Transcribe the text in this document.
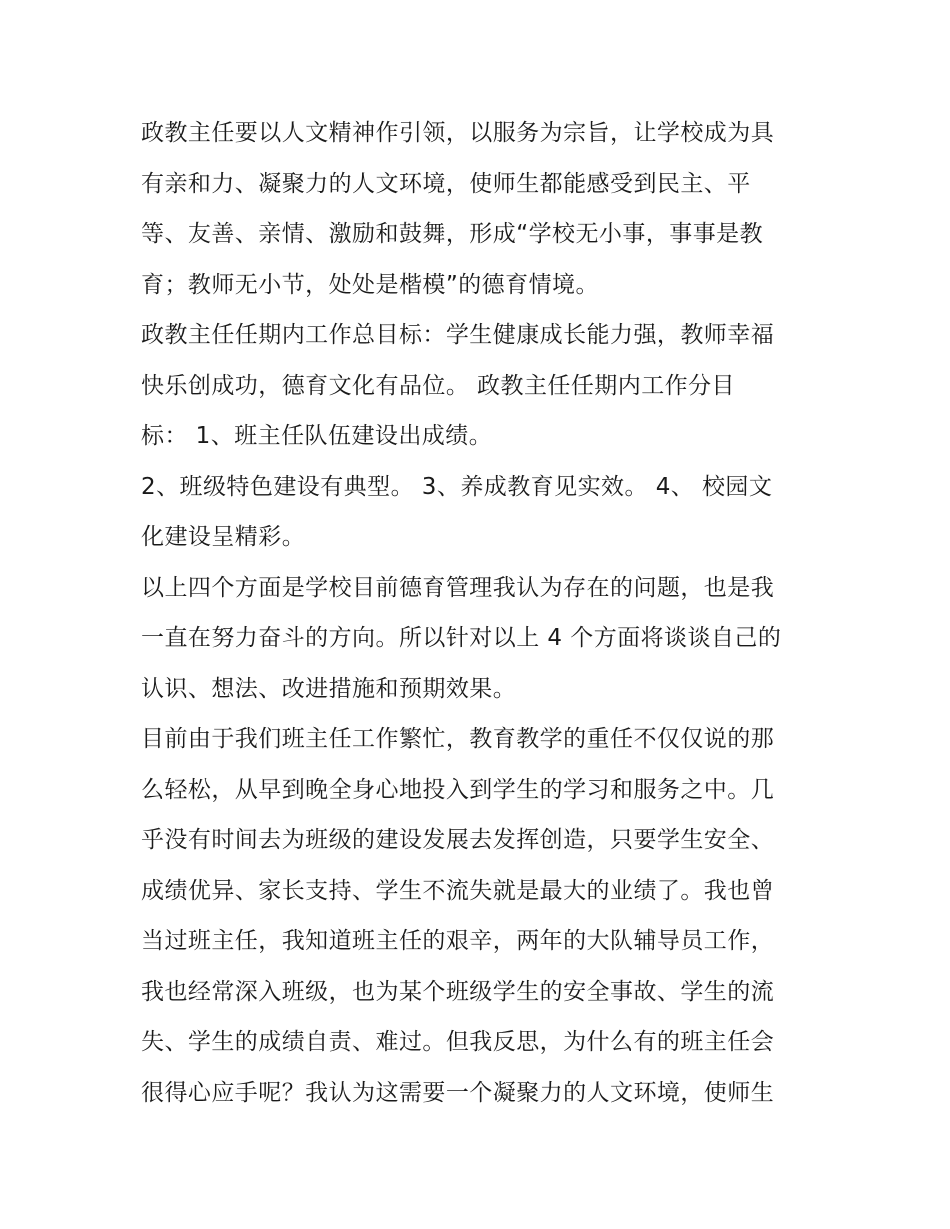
政教主任要以人文精神作引领，以服务为宗旨，让学校成为具
有亲和力、凝聚力的人文环境，使师生都能感受到民主、平
等、友善、亲情、激励和鼓舞，形成“学校无小事，事事是教
育；教师无小节，处处是楷模”的德育情境。
政教主任任期内工作总目标：学生健康成长能力强，教师幸福
快乐创成功，德育文化有品位。 政教主任任期内工作分目
标： 1、班主任队伍建设出成绩。
2、班级特色建设有典型。 3、养成教育见实效。 4、 校园文
化建设呈精彩。
以上四个方面是学校目前德育管理我认为存在的问题，也是我
一直在努力奋斗的方向。所以针对以上 4 个方面将谈谈自己的
认识、想法、改进措施和预期效果。
目前由于我们班主任工作繁忙，教育教学的重任不仅仅说的那
么轻松，从早到晚全身心地投入到学生的学习和服务之中。几
乎没有时间去为班级的建设发展去发挥创造，只要学生安全、
成绩优异、家长支持、学生不流失就是最大的业绩了。我也曾
当过班主任，我知道班主任的艰辛，两年的大队辅导员工作，
我也经常深入班级，也为某个班级学生的安全事故、学生的流
失、学生的成绩自责、难过。但我反思，为什么有的班主任会
很得心应手呢？我认为这需要一个凝聚力的人文环境，使师生
